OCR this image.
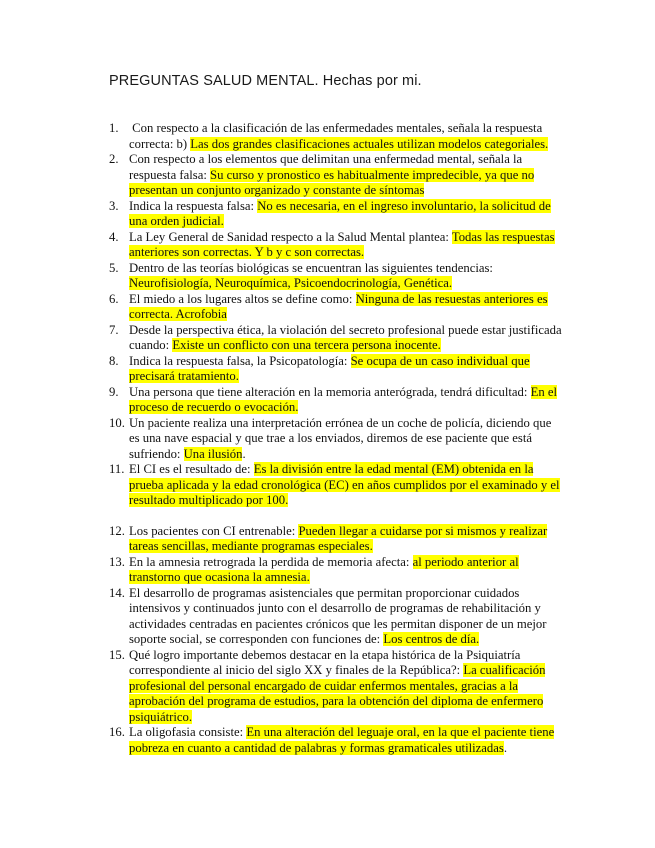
PREGUNTAS SALUD MENTAL. Hechas por mi.
1. Con respecto a la clasificación de las enfermedades mentales, señala la respuesta correcta: b) Las dos grandes clasificaciones actuales utilizan modelos categoriales.
2. Con respecto a los elementos que delimitan una enfermedad mental, señala la respuesta falsa: Su curso y pronostico es habitualmente impredecible, ya que no presentan un conjunto organizado y constante de síntomas
3. Indica la respuesta falsa: No es necesaria, en el ingreso involuntario, la solicitud de una orden judicial.
4. La Ley General de Sanidad respecto a la Salud Mental plantea: Todas las respuestas anteriores son correctas. Y b y c son correctas.
5. Dentro de las teorías biológicas se encuentran las siguientes tendencias: Neurofisiología, Neuroquímica, Psicoendocrinología, Genética.
6. El miedo a los lugares altos se define como: Ninguna de las resuestas anteriores es correcta. Acrofobia
7. Desde la perspectiva ética, la violación del secreto profesional puede estar justificada cuando: Existe un conflicto con una tercera persona inocente.
8. Indica la respuesta falsa, la Psicopatología: Se ocupa de un caso individual que precisará tratamiento.
9. Una persona que tiene alteración en la memoria anterógrada, tendrá dificultad: En el proceso de recuerdo o evocación.
10. Un paciente realiza una interpretación errónea de un coche de policía, diciendo que es una nave espacial y que trae a los enviados, diremos de ese paciente que está sufriendo: Una ilusión.
11. El CI es el resultado de: Es la división entre la edad mental (EM) obtenida en la prueba aplicada y la edad cronológica (EC) en años cumplidos por el examinado y el resultado multiplicado por 100.
12. Los pacientes con CI entrenable: Pueden llegar a cuidarse por si mismos y realizar tareas sencillas, mediante programas especiales.
13. En la amnesia retrograda la perdida de memoria afecta: al periodo anterior al transtorno que ocasiona la amnesia.
14. El desarrollo de programas asistenciales que permitan proporcionar cuidados intensivos y continuados junto con el desarrollo de programas de rehabilitación y actividades centradas en pacientes crónicos que les permitan disponer de un mejor soporte social, se corresponden con funciones de: Los centros de día.
15. Qué logro importante debemos destacar en la etapa histórica de la Psiquiatría correspondiente al inicio del siglo XX y finales de la República?: La cualificación profesional del personal encargado de cuidar enfermos mentales, gracias a la aprobación del programa de estudios, para la obtención del diploma de enfermero psiquiátrico.
16. La oligofasia consiste: En una alteración del leguaje oral, en la que el paciente tiene pobreza en cuanto a cantidad de palabras y formas gramaticales utilizadas.
